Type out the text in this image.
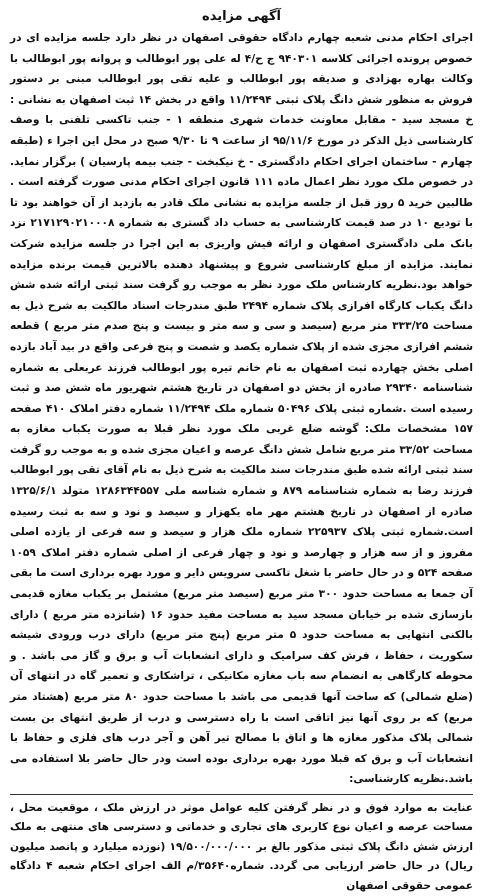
آگهی مزایده

اجرای احکام مدنی شعبه چهارم دادگاه حقوقی اصفهان در نظر دارد جلسه مزایده ای در خصوص پرونده اجرائی کلاسه ۹۴۰۳۰۱ ج ح/۴ له علی پور ابوطالب و پروانه پور ابوطالب با وکالت بهاره بهزادی و صدیقه پور ابوطالب و علیه تقی پور ابوطالب مبنی بر دستور فروش به منظور شش دانگ پلاک ثبتی ۱۱/۲۴۹۴ واقع در بخش ۱۴ ثبت اصفهان به نشانی : خ مسجد سید - مقابل معاونت خدمات شهری منطقه ۱ - جنب تاکسی تلفنی با وصف کارشناسی ذیل الذکر در مورخ ۹۵/۱۱/۶ از ساعت ۹ تا ۹/۳۰ صبح در محل این اجرا ء (طبقه چهارم - ساختمان اجرای احکام دادگستری - خ نیکبخت - جنب بیمه پارسیان ) برگزار نماید. در خصوص ملک مورد نظر اعمال ماده ۱۱۱ قانون اجرای احکام مدنی صورت گرفته است . طالبین خرید ۵ روز قبل از جلسه مزایده به نشانی ملک قادر به بازدید از آن خواهند بود تا با تودیع ۱۰ در صد قیمت کارشناسی به حساب داد گستری به شماره ۲۱۷۱۲۹۰۲۱۰۰۰۸ نزد بانک ملی دادگستری اصفهان و ارائه فیش واریزی به این اجرا در جلسه مزایده شرکت نمایند. مزایده از مبلغ کارشناسی شروع و پیشنهاد دهنده بالاترین قیمت برنده مزایده خواهد بود.نظریه کارشناس ملک مورد نظر به موجب رو گرفت سند ثبتی ارائه شده شش دانگ یکباب کارگاه افرازی پلاک شماره ۲۴۹۴ طبق مندرجات اسناد مالکیت به شرح ذیل به مساحت ۳۳۳/۲۵ متر مربع (سیصد و سی و سه متر و بیست و پنج صدم متر مربع ) قطعه ششم افرازی مجزی شده از پلاک شماره یکصد و شصت و پنج فرعی واقع در بید آباد بازده اصلی بخش چهارده ثبت اصفهان به نام خانم تیره پور ابوطالب فرزند عربعلی به شماره شناسنامه ۲۹۳۴۰ صادره از بخش دو اصفهان در تاریخ هشتم شهریور ماه شش صد و ثبت رسیده است .شماره ثبتی پلاک ۵۰۴۹۶ شماره ملک ۱۱/۲۴۹۴ شماره دفتر املاک ۴۱۰ صفحه ۱۵۷ مشخصات ملک: گوشه ضلع غربی ملک مورد نظر قبلا به صورت یکباب مغازه به مساحت ۳۳/۵۲ متر مربع شامل شش دانگ عرصه و اعیان مجزی شده و به موجب رو گرفت سند ثبتی ارائه شده طبق مندرجات سند مالکیت به شرح ذیل به نام آقای تقی پور ابوطالب فرزند رضا به شماره شناسنامه ۸۷۹ و شماره شناسه ملی ۱۲۸۶۳۴۴۵۵۷ متولد ۱۳۲۵/۶/۱ صادره از اصفهان در تاریخ هشتم مهر ماه یکهزار و سیصد و نود و سه به ثبت رسیده است.شماره ثبتی پلاک ۲۲۵۹۳۷ شماره ملک هزار و سیصد و سه فرعی از یازده اصلی مفروز و از سه هزار و چهارصد و نود و چهار فرعی از اصلی شماره دفتر املاک ۱۰۵۹ صفحه ۵۲۴ و در حال حاضر با شغل تاکسی سرویس دایر و مورد بهره برداری است ما بقی آن جمعا به مساحت حدود ۳۰۰ متر مربع (سیصد متر مربع) مشتمل بر یکباب مغازه قدیمی بازسازی شده بر خیابان مسجد سید به مساحت مفید حدود ۱۶ (شانزده متر مربع ) دارای بالکنی انتهایی به مساحت حدود ۵ متر مربع (پنج متر مربع) دارای درب ورودی شیشه سکوریت ، حفاظ ، فرش کف سرامیک و دارای انشعابات آب و برق و گاز می باشد . و محوطه کارگاهی به انضمام سه باب مغازه مکانیکی ، تراشکاری و تعمیر گاه در انتهای آن (ضلع شمالی) که ساخت آنها قدیمی می باشد با مساحت حدود ۸۰ متر مربع (هشتاد متر مربع) که بر روی آنها نیز اتاقی است با راه دسترسی و درب از طریق انتهای بن بست شمالی پلاک مذکور مغازه ها و اتاق با مصالح تیر آهن و آجر درب های فلزی و حفاظ با انشعابات آب و برق که قبلا مورد بهره برداری بوده است ودر حال حاضر بلا استفاده می باشد.نظریه کارشناسی:

عنایت به موارد فوق و در نظر گرفتن کلیه عوامل موثر در ارزش ملک ، موقعیت محل ، مساحت عرصه و اعیان نوع کاربری های تجاری و خدماتی و دسترسی های منتهی به ملک ارزش شش دانگ پلاک ثبتی مذکور بالغ بر ۱۹/۵۰۰/۰۰۰/۰۰۰ (نوزده میلیارد و پانصد میلیون ریال) در حال حاضر ارزیابی می گردد. شماره۳۵۶۴۰/م الف اجرای احکام شعبه ۴ دادگاه عمومی حقوقی اصفهان
